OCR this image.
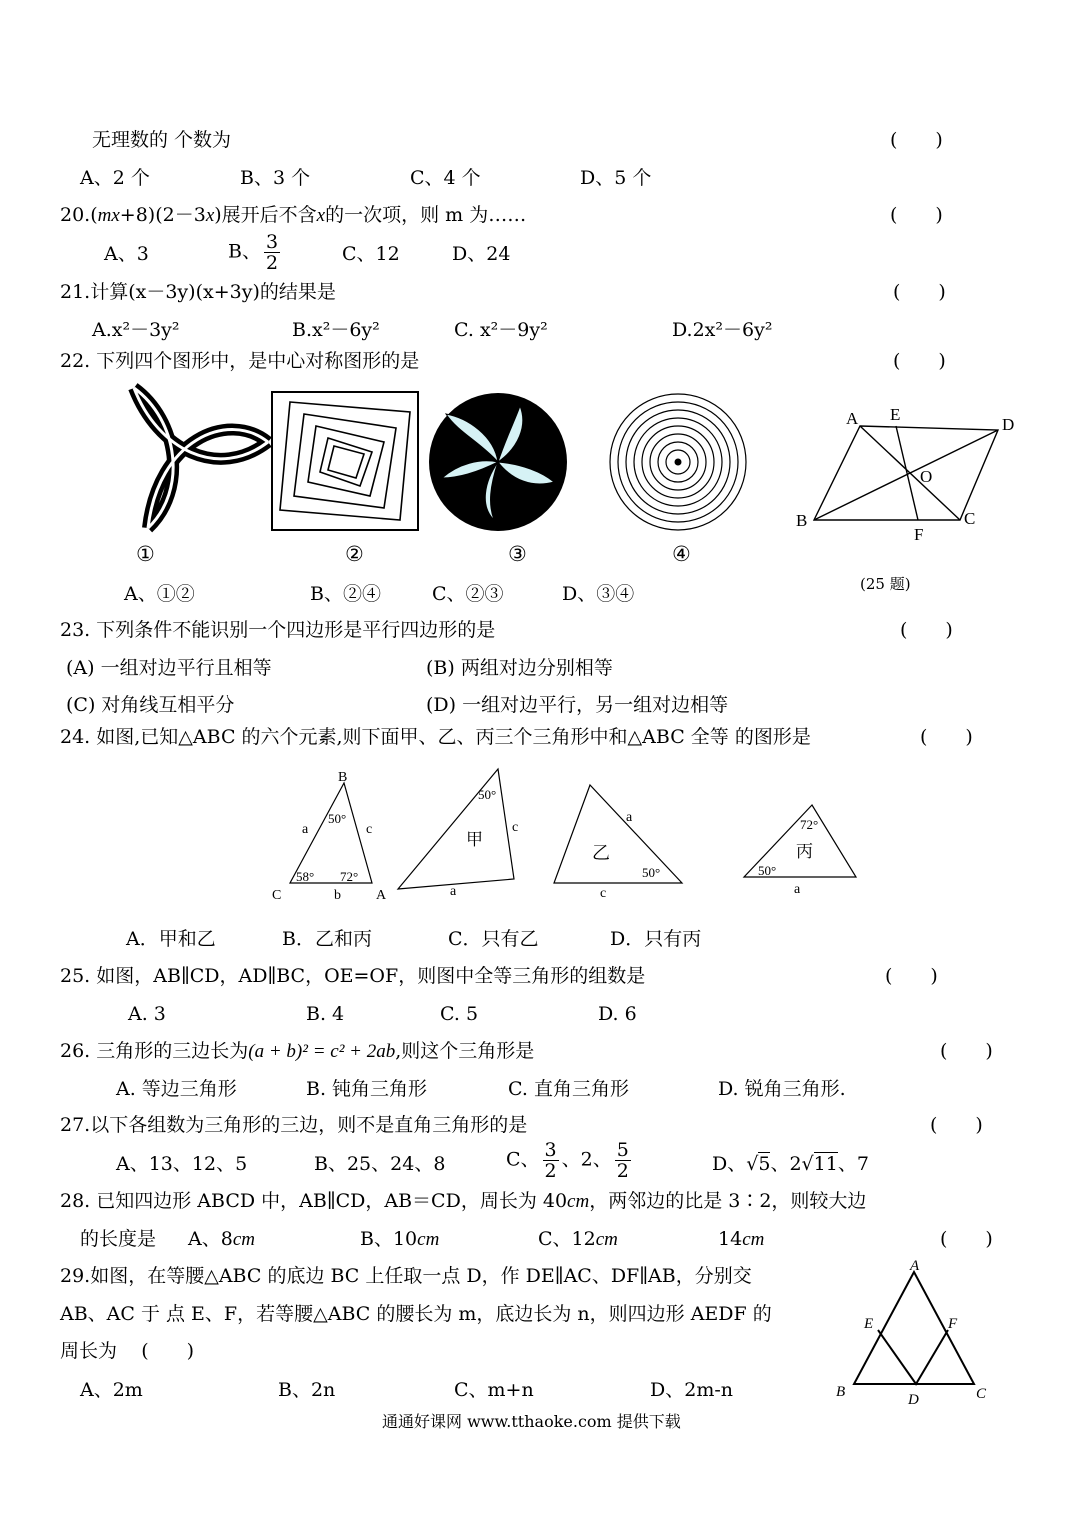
无理数的 个数为	(　　)
A、2 个	B、3 个	C、4 个	D、5 个
20.(mx+8)(2－3x)展开后不含x的一次项，则 m 为……	(　　)
A、3	B、 $\frac{3}{2}$	C、12	D、24
21.计算(x－3y)(x+3y)的结果是	(　　)
A.x²－3y²	B.x²－6y²	C. x²－9y²	D.2x²－6y²
22. 下列四个图形中，是中心对称图形的是	(　　)
①	②	③	④
A、①②	B、②④	C、②③	D、③④
A E
D
O
B
F
C
(25 题)
23. 下列条件不能识别一个四边形是平行四边形的是	(　　)
(A) 一组对边平行且相等	(B) 两组对边分别相等
(C) 对角线互相平分	(D) 一组对边平行，另一组对边相等
24. 如图,已知△ABC 的六个元素,则下面甲、乙、丙三个三角形中和△ABC 全等 的图形是	(　　)
B
50°
a	c
58° 72°
C	b	A
50°
c
甲
a
a
乙
50°
c
72°
丙
50°
a
A．甲和乙	B．乙和丙	C．只有乙	D．只有丙
25. 如图，AB∥CD，AD∥BC，OE=OF，则图中全等三角形的组数是	(　　)
A. 3	B. 4	C. 5	D. 6
26. 三角形的三边长为(a + b)² = c² + 2ab,则这个三角形是	(　　)
A. 等边三角形	B. 钝角三角形	C. 直角三角形	D. 锐角三角形.
27.以下各组数为三角形的三边，则不是直角三角形的是	(　　)
A、13、12、5	B、25、24、8	C、 $\frac{3}{2}$ 、2、 $\frac{5}{2}$	D、√5、2√11、7
28. 已知四边形 ABCD 中，AB∥CD，AB＝CD，周长为 40cm，两邻边的比是 3∶2，则较大边
的长度是 A、8cm	B、10cm	C、12cm	14cm	(　　)
29.如图，在等腰△ABC 的底边 BC 上任取一点 D，作 DE∥AC、DF∥AB，分别交
AB、AC 于 点 E、F，若等腰△ABC 的腰长为 m，底边长为 n，则四边形 AEDF 的
周长为 (　　)
A、2m	B、2n	C、m+n	D、2m-n
A
E	F
B	D	C
通通好课网 www.tthaoke.com 提供下载
